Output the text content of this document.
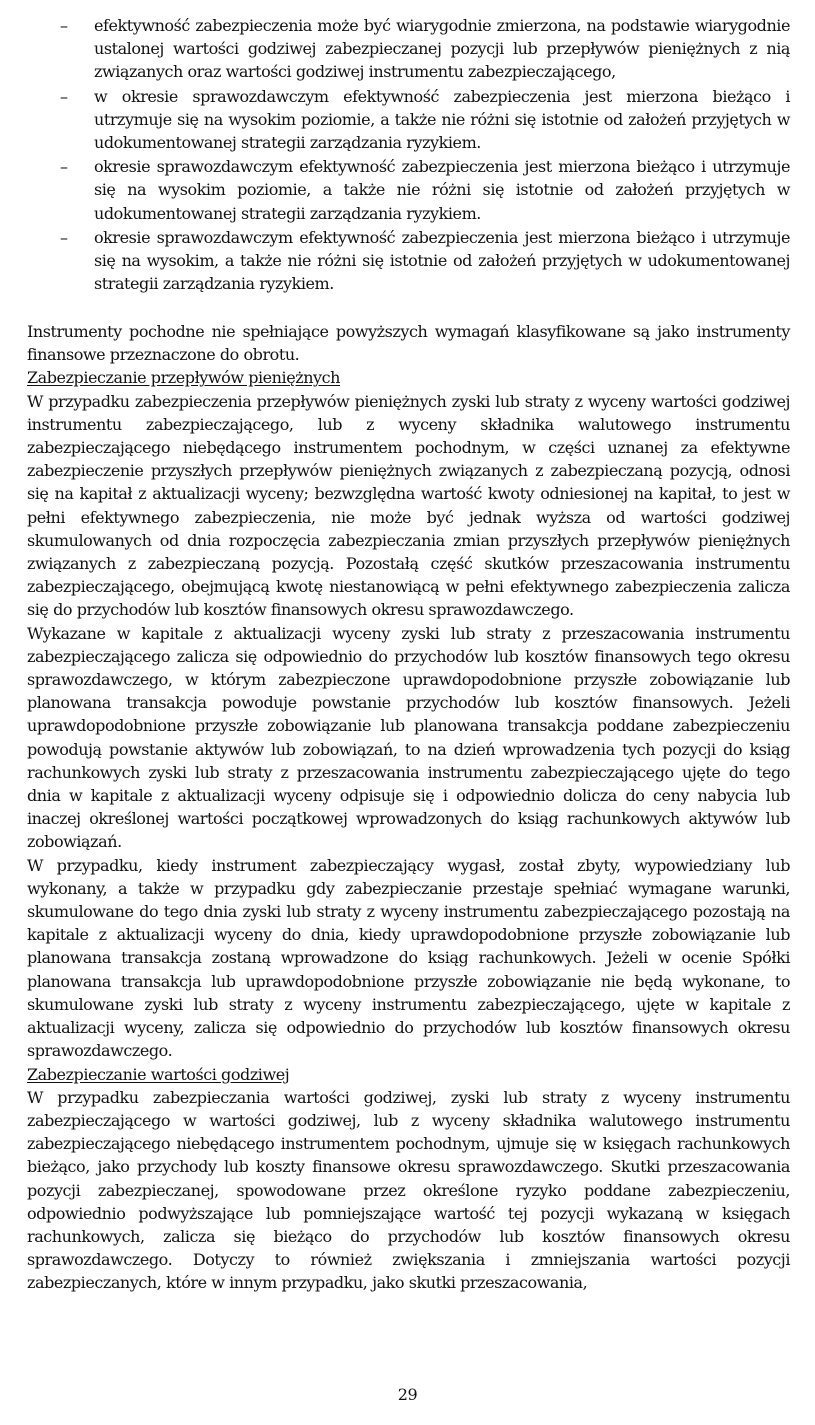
– efektywność zabezpieczenia może być wiarygodnie zmierzona, na podstawie wiarygodnie ustalonej wartości godziwej zabezpieczanej pozycji lub przepływów pieniężnych z nią związanych oraz wartości godziwej instrumentu zabezpieczającego,
– w okresie sprawozdawczym efektywność zabezpieczenia jest mierzona bieżąco i utrzymuje się na wysokim poziomie, a także nie różni się istotnie od założeń przyjętych w udokumentowanej strategii zarządzania ryzykiem.
– okresie sprawozdawczym efektywność zabezpieczenia jest mierzona bieżąco i utrzymuje się na wysokim poziomie, a także nie różni się istotnie od założeń przyjętych w udokumentowanej strategii zarządzania ryzykiem.
– okresie sprawozdawczym efektywność zabezpieczenia jest mierzona bieżąco i utrzymuje się na wysokim, a także nie różni się istotnie od założeń przyjętych w udokumentowanej strategii zarządzania ryzykiem.

Instrumenty pochodne nie spełniające powyższych wymagań klasyfikowane są jako instrumenty finansowe przeznaczone do obrotu.

Zabezpieczanie przepływów pieniężnych

W przypadku zabezpieczenia przepływów pieniężnych zyski lub straty z wyceny wartości godziwej instrumentu zabezpieczającego, lub z wyceny składnika walutowego instrumentu zabezpieczającego niebędącego instrumentem pochodnym, w części uznanej za efektywne zabezpieczenie przyszłych przepływów pieniężnych związanych z zabezpieczaną pozycją, odnosi się na kapitał z aktualizacji wyceny; bezwzględna wartość kwoty odniesionej na kapitał, to jest w pełni efektywnego zabezpieczenia, nie może być jednak wyższa od wartości godziwej skumulowanych od dnia rozpoczęcia zabezpieczania zmian przyszłych przepływów pieniężnych związanych z zabezpieczaną pozycją. Pozostałą część skutków przeszacowania instrumentu zabezpieczającego, obejmującą kwotę niestanowiącą w pełni efektywnego zabezpieczenia zalicza się do przychodów lub kosztów finansowych okresu sprawozdawczego.

Wykazane w kapitale z aktualizacji wyceny zyski lub straty z przeszacowania instrumentu zabezpieczającego zalicza się odpowiednio do przychodów lub kosztów finansowych tego okresu sprawozdawczego, w którym zabezpieczone uprawdopodobnione przyszłe zobowiązanie lub planowana transakcja powoduje powstanie przychodów lub kosztów finansowych. Jeżeli uprawdopodobnione przyszłe zobowiązanie lub planowana transakcja poddane zabezpieczeniu powodują powstanie aktywów lub zobowiązań, to na dzień wprowadzenia tych pozycji do ksiąg rachunkowych zyski lub straty z przeszacowania instrumentu zabezpieczającego ujęte do tego dnia w kapitale z aktualizacji wyceny odpisuje się i odpowiednio dolicza do ceny nabycia lub inaczej określonej wartości początkowej wprowadzonych do ksiąg rachunkowych aktywów lub zobowiązań.

W przypadku, kiedy instrument zabezpieczający wygasł, został zbyty, wypowiedziany lub wykonany, a także w przypadku gdy zabezpieczanie przestaje spełniać wymagane warunki, skumulowane do tego dnia zyski lub straty z wyceny instrumentu zabezpieczającego pozostają na kapitale z aktualizacji wyceny do dnia, kiedy uprawdopodobnione przyszłe zobowiązanie lub planowana transakcja zostaną wprowadzone do ksiąg rachunkowych. Jeżeli w ocenie Spółki planowana transakcja lub uprawdopodobnione przyszłe zobowiązanie nie będą wykonane, to skumulowane zyski lub straty z wyceny instrumentu zabezpieczającego, ujęte w kapitale z aktualizacji wyceny, zalicza się odpowiednio do przychodów lub kosztów finansowych okresu sprawozdawczego.

Zabezpieczanie wartości godziwej

W przypadku zabezpieczania wartości godziwej, zyski lub straty z wyceny instrumentu zabezpieczającego w wartości godziwej, lub z wyceny składnika walutowego instrumentu zabezpieczającego niebędącego instrumentem pochodnym, ujmuje się w księgach rachunkowych bieżąco, jako przychody lub koszty finansowe okresu sprawozdawczego. Skutki przeszacowania pozycji zabezpieczanej, spowodowane przez określone ryzyko poddane zabezpieczeniu, odpowiednio podwyższające lub pomniejszające wartość tej pozycji wykazaną w księgach rachunkowych, zalicza się bieżąco do przychodów lub kosztów finansowych okresu sprawozdawczego. Dotyczy to również zwiększania i zmniejszania wartości pozycji zabezpieczanych, które w innym przypadku, jako skutki przeszacowania,

29
